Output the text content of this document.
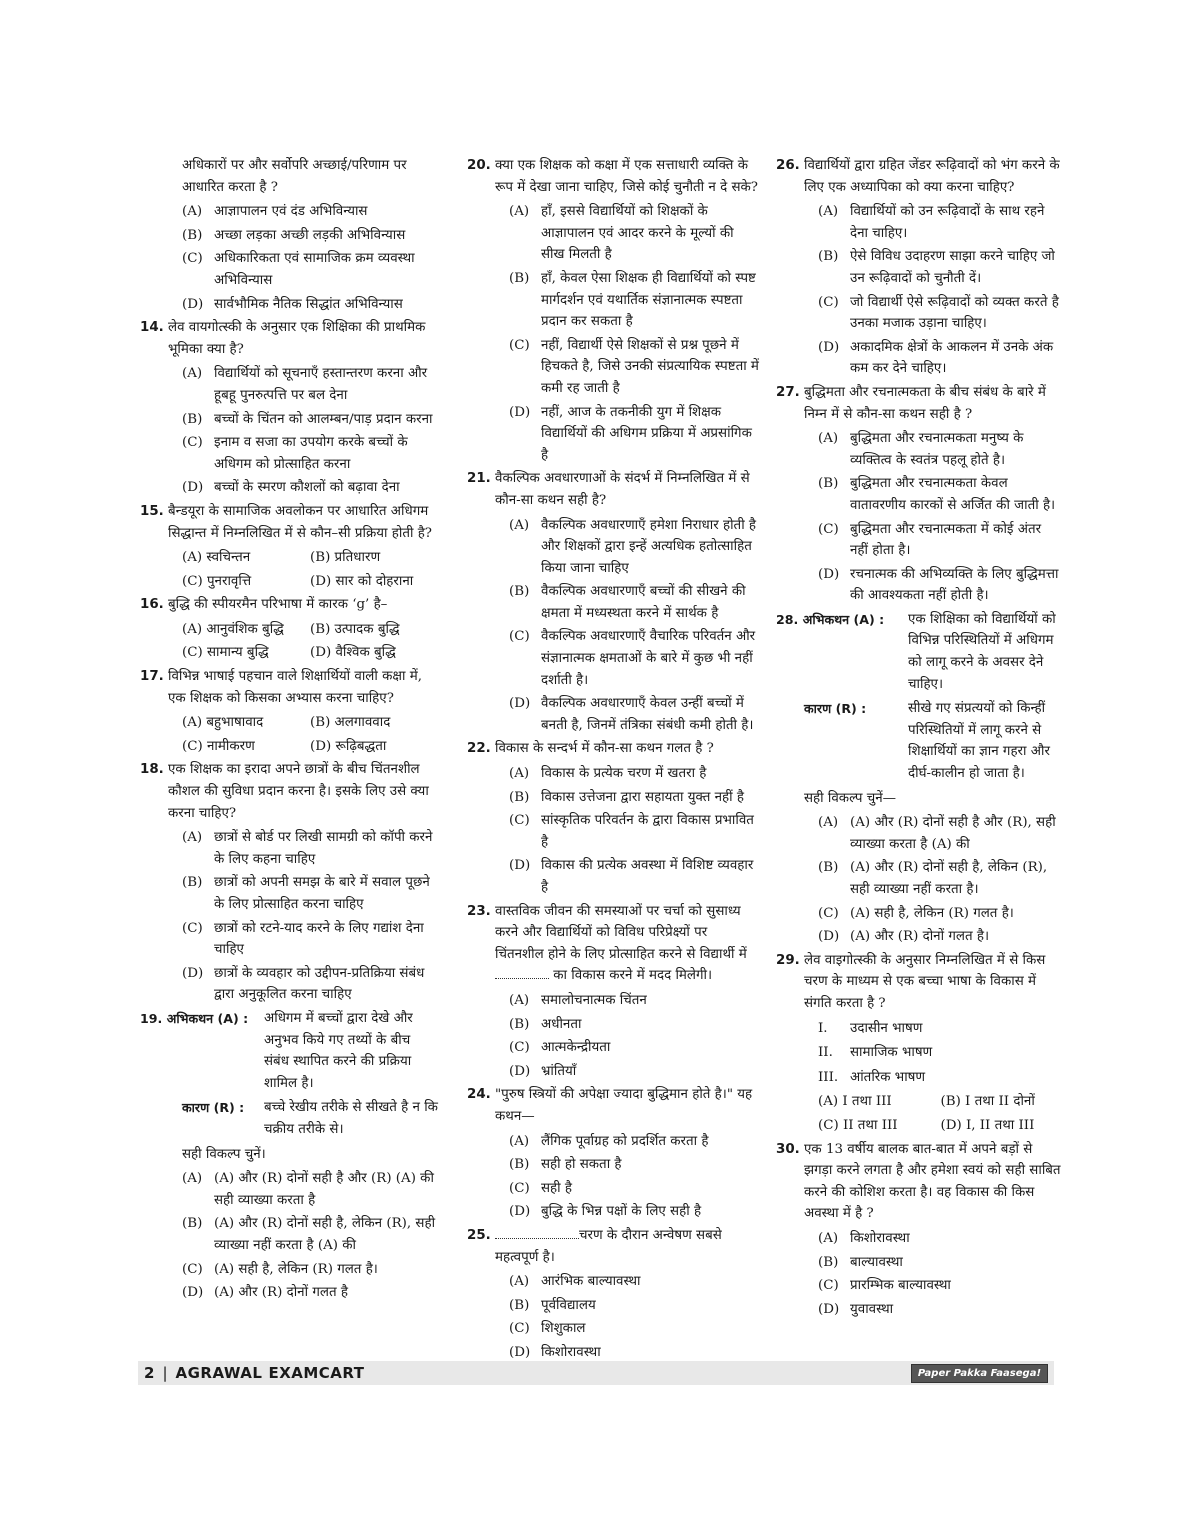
अधिकारों पर और सर्वोपरि अच्छाई/परिणाम पर आधारित करता है ?
(A) आज्ञापालन एवं दंड अभिविन्यास
(B) अच्छा लड़का अच्छी लड़की अभिविन्यास
(C) अधिकारिकता एवं सामाजिक क्रम व्यवस्था अभिविन्यास
(D) सार्वभौमिक नैतिक सिद्धांत अभिविन्यास
14. लेव वायगोत्स्की के अनुसार एक शिक्षिका की प्राथमिक भूमिका क्या है?
(A) विद्यार्थियों को सूचनाएँ हस्तान्तरण करना और हूबहू पुनरुत्पत्ति पर बल देना
(B) बच्चों के चिंतन को आलम्बन/पाड़ प्रदान करना
(C) इनाम व सजा का उपयोग करके बच्चों के अधिगम को प्रोत्साहित करना
(D) बच्चों के स्मरण कौशलों को बढ़ावा देना
15. बैन्डयूरा के सामाजिक अवलोकन पर आधारित अधिगम सिद्धान्त में निम्नलिखित में से कौन–सी प्रक्रिया होती है?
(A) स्वचिन्तन	(B) प्रतिधारण
(C) पुनरावृत्ति	(D) सार को दोहराना
16. बुद्धि की स्पीयरमैन परिभाषा में कारक ‘g’ है–
(A) आनुवंशिक बुद्धि	(B) उत्पादक बुद्धि
(C) सामान्य बुद्धि	(D) वैश्विक बुद्धि
17. विभिन्न भाषाई पहचान वाले शिक्षार्थियों वाली कक्षा में, एक शिक्षक को किसका अभ्यास करना चाहिए?
(A) बहुभाषावाद	(B) अलगाववाद
(C) नामीकरण	(D) रूढ़िबद्धता
18. एक शिक्षक का इरादा अपने छात्रों के बीच चिंतनशील कौशल की सुविधा प्रदान करना है। इसके लिए उसे क्या करना चाहिए?
(A) छात्रों से बोर्ड पर लिखी सामग्री को कॉपी करने के लिए कहना चाहिए
(B) छात्रों को अपनी समझ के बारे में सवाल पूछने के लिए प्रोत्साहित करना चाहिए
(C) छात्रों को रटने-याद करने के लिए गद्यांश देना चाहिए
(D) छात्रों के व्यवहार को उद्दीपन-प्रतिक्रिया संबंध द्वारा अनुकूलित करना चाहिए
19. अभिकथन (A) :	अधिगम में बच्चों द्वारा देखे और अनुभव किये गए तथ्यों के बीच संबंध स्थापित करने की प्रक्रिया शामिल है।
कारण (R) :	बच्चे रेखीय तरीके से सीखते है न कि चक्रीय तरीके से।
सही विकल्प चुनें।
(A) (A) और (R) दोनों सही है और (R) (A) की सही व्याख्या करता है
(B) (A) और (R) दोनों सही है, लेकिन (R), सही व्याख्या नहीं करता है (A) की
(C) (A) सही है, लेकिन (R) गलत है।
(D) (A) और (R) दोनों गलत है
20. क्या एक शिक्षक को कक्षा में एक सत्ताधारी व्यक्ति के रूप में देखा जाना चाहिए, जिसे कोई चुनौती न दे सके?
(A) हाँ, इससे विद्यार्थियों को शिक्षकों के आज्ञापालन एवं आदर करने के मूल्यों की सीख मिलती है
(B) हाँ, केवल ऐसा शिक्षक ही विद्यार्थियों को स्पष्ट मार्गदर्शन एवं यथार्तिक संज्ञानात्मक स्पष्टता प्रदान कर सकता है
(C) नहीं, विद्यार्थी ऐसे शिक्षकों से प्रश्न पूछने में हिचकते है, जिसे उनकी संप्रत्यायिक स्पष्टता में कमी रह जाती है
(D) नहीं, आज के तकनीकी युग में शिक्षक विद्यार्थियों की अधिगम प्रक्रिया में अप्रसांगिक है
21. वैकल्पिक अवधारणाओं के संदर्भ में निम्नलिखित में से कौन-सा कथन सही है?
(A) वैकल्पिक अवधारणाएँ हमेशा निराधार होती है और शिक्षकों द्वारा इन्हें अत्यधिक हतोत्साहित किया जाना चाहिए
(B) वैकल्पिक अवधारणाएँ बच्चों की सीखने की क्षमता में मध्यस्थता करने में सार्थक है
(C) वैकल्पिक अवधारणाएँ वैचारिक परिवर्तन और संज्ञानात्मक क्षमताओं के बारे में कुछ भी नहीं दर्शाती है।
(D) वैकल्पिक अवधारणाएँ केवल उन्हीं बच्चों में बनती है, जिनमें तंत्रिका संबंधी कमी होती है।
22. विकास के सन्दर्भ में कौन-सा कथन गलत है ?
(A) विकास के प्रत्येक चरण में खतरा है
(B) विकास उत्तेजना द्वारा सहायता युक्त नहीं है
(C) सांस्कृतिक परिवर्तन के द्वारा विकास प्रभावित है
(D) विकास की प्रत्येक अवस्था में विशिष्ट व्यवहार है
23. वास्तविक जीवन की समस्याओं पर चर्चा को सुसाध्य करने और विद्यार्थियों को विविध परिप्रेक्ष्यों पर चिंतनशील होने के लिए प्रोत्साहित करने से विद्यार्थी में  का विकास करने में मदद मिलेगी।
(A) समालोचनात्मक चिंतन
(B) अधीनता
(C) आत्मकेन्द्रीयता
(D) भ्रांतियाँ
24. "पुरुष स्त्रियों की अपेक्षा ज्यादा बुद्धिमान होते है।" यह कथन—
(A) लैंगिक पूर्वाग्रह को प्रदर्शित करता है
(B) सही हो सकता है
(C) सही है
(D) बुद्धि के भिन्न पक्षों के लिए सही है
25.	चरण के दौरान अन्वेषण सबसे महत्वपूर्ण है।
(A) आरंभिक बाल्यावस्था
(B) पूर्वविद्यालय
(C) शिशुकाल
(D) किशोरावस्था
26. विद्यार्थियों द्वारा ग्रहित जेंडर रूढ़िवादों को भंग करने के लिए एक अध्यापिका को क्या करना चाहिए?
(A) विद्यार्थियों को उन रूढ़िवादों के साथ रहने देना चाहिए।
(B) ऐसे विविध उदाहरण साझा करने चाहिए जो उन रूढ़िवादों को चुनौती दें।
(C) जो विद्यार्थी ऐसे रूढ़िवादों को व्यक्त करते है उनका मजाक उड़ाना चाहिए।
(D) अकादमिक क्षेत्रों के आकलन में उनके अंक कम कर देने चाहिए।
27. बुद्धिमता और रचनात्मकता के बीच संबंध के बारे में निम्न में से कौन-सा कथन सही है ?
(A) बुद्धिमता और रचनात्मकता मनुष्य के व्यक्तित्व के स्वतंत्र पहलू होते है।
(B) बुद्धिमता और रचनात्मकता केवल वातावरणीय कारकों से अर्जित की जाती है।
(C) बुद्धिमता और रचनात्मकता में कोई अंतर नहीं होता है।
(D) रचनात्मक की अभिव्यक्ति के लिए बुद्धिमत्ता की आवश्यकता नहीं होती है।
28. अभिकथन (A) :	एक शिक्षिका को विद्यार्थियों को विभिन्न परिस्थितियों में अधिगम को लागू करने के अवसर देने चाहिए।
कारण (R) :	सीखे गए संप्रत्ययों को किन्हीं परिस्थितियों में लागू करने से शिक्षार्थियों का ज्ञान गहरा और दीर्घ-कालीन हो जाता है।
सही विकल्प चुनें—
(A) (A) और (R) दोनों सही है और (R), सही व्याख्या करता है (A) की
(B) (A) और (R) दोनों सही है, लेकिन (R), सही व्याख्या नहीं करता है।
(C) (A) सही है, लेकिन (R) गलत है।
(D) (A) और (R) दोनों गलत है।
29. लेव वाइगोत्स्की के अनुसार निम्नलिखित में से किस चरण के माध्यम से एक बच्चा भाषा के विकास में संगति करता है ?
I.	उदासीन भाषण
II.	सामाजिक भाषण
III. आंतरिक भाषण
(A) I तथा III	(B) I तथा II दोनों
(C) II तथा III	(D) I, II तथा III
30. एक 13 वर्षीय बालक बात-बात में अपने बड़ों से झगड़ा करने लगता है और हमेशा स्वयं को सही साबित करने की कोशिश करता है। वह विकास की किस अवस्था में है ?
(A) किशोरावस्था
(B) बाल्यावस्था
(C) प्रारम्भिक बाल्यावस्था
(D) युवावस्था
2 | AGRAWAL EXAMCART	Paper Pakka Faasega!
